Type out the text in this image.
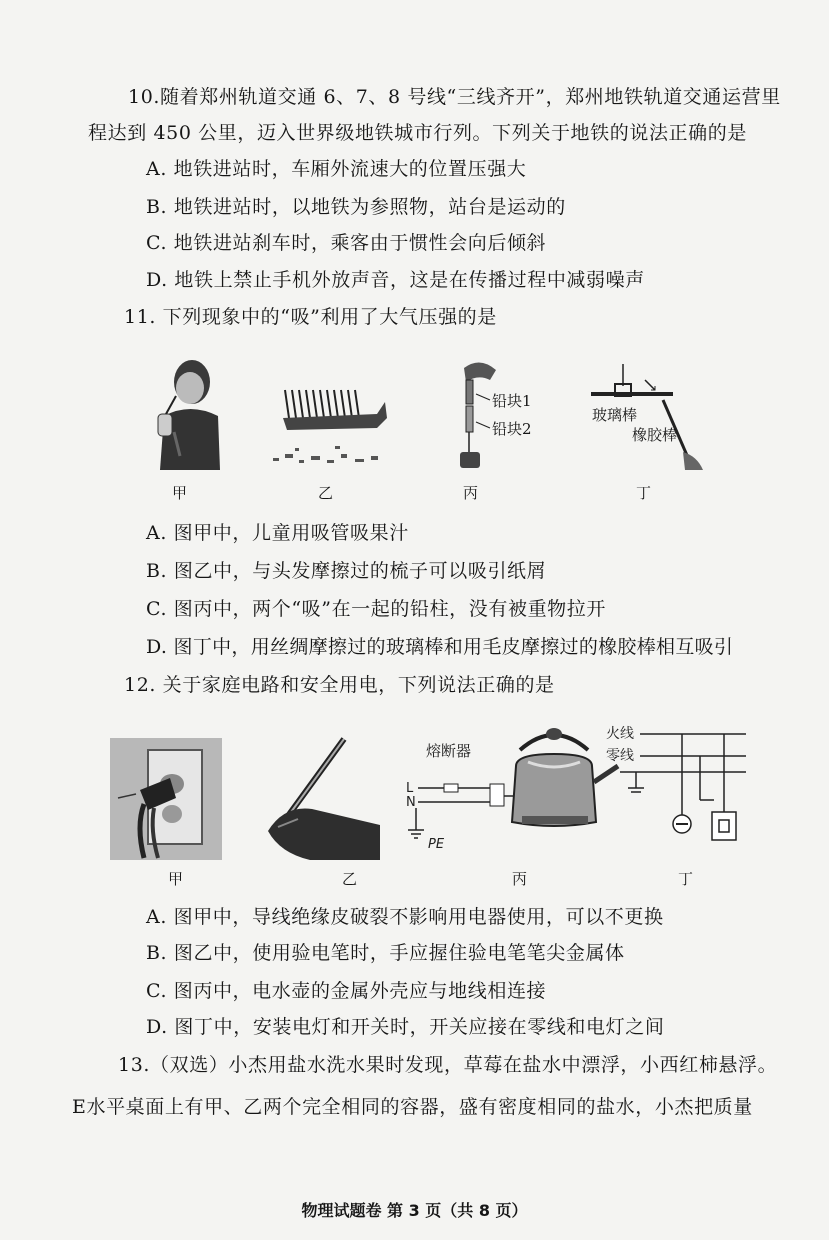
10.随着郑州轨道交通 6、7、8 号线“三线齐开”，郑州地铁轨道交通运营里
程达到 450 公里，迈入世界级地铁城市行列。下列关于地铁的说法正确的是
A. 地铁进站时，车厢外流速大的位置压强大
B. 地铁进站时，以地铁为参照物，站台是运动的
C. 地铁进站刹车时，乘客由于惯性会向后倾斜
D. 地铁上禁止手机外放声音，这是在传播过程中减弱噪声
11. 下列现象中的“吸”利用了大气压强的是
铅块1
铅块2
玻璃棒
橡胶棒
甲	乙	丙	丁
A. 图甲中，儿童用吸管吸果汁
B. 图乙中，与头发摩擦过的梳子可以吸引纸屑
C. 图丙中，两个“吸”在一起的铅柱，没有被重物拉开
D. 图丁中，用丝绸摩擦过的玻璃棒和用毛皮摩擦过的橡胶棒相互吸引
12. 关于家庭电路和安全用电，下列说法正确的是
L
N
PE
熔断器
火线
零线
甲	乙	丙	丁
A. 图甲中，导线绝缘皮破裂不影响用电器使用，可以不更换
B. 图乙中，使用验电笔时，手应握住验电笔笔尖金属体
C. 图丙中，电水壶的金属外壳应与地线相连接
D. 图丁中，安装电灯和开关时，开关应接在零线和电灯之间
13.（双选）小杰用盐水洗水果时发现，草莓在盐水中漂浮，小西红柿悬浮。
E水平桌面上有甲、乙两个完全相同的容器，盛有密度相同的盐水，小杰把质量
物理试题卷 第 3 页（共 8 页）
